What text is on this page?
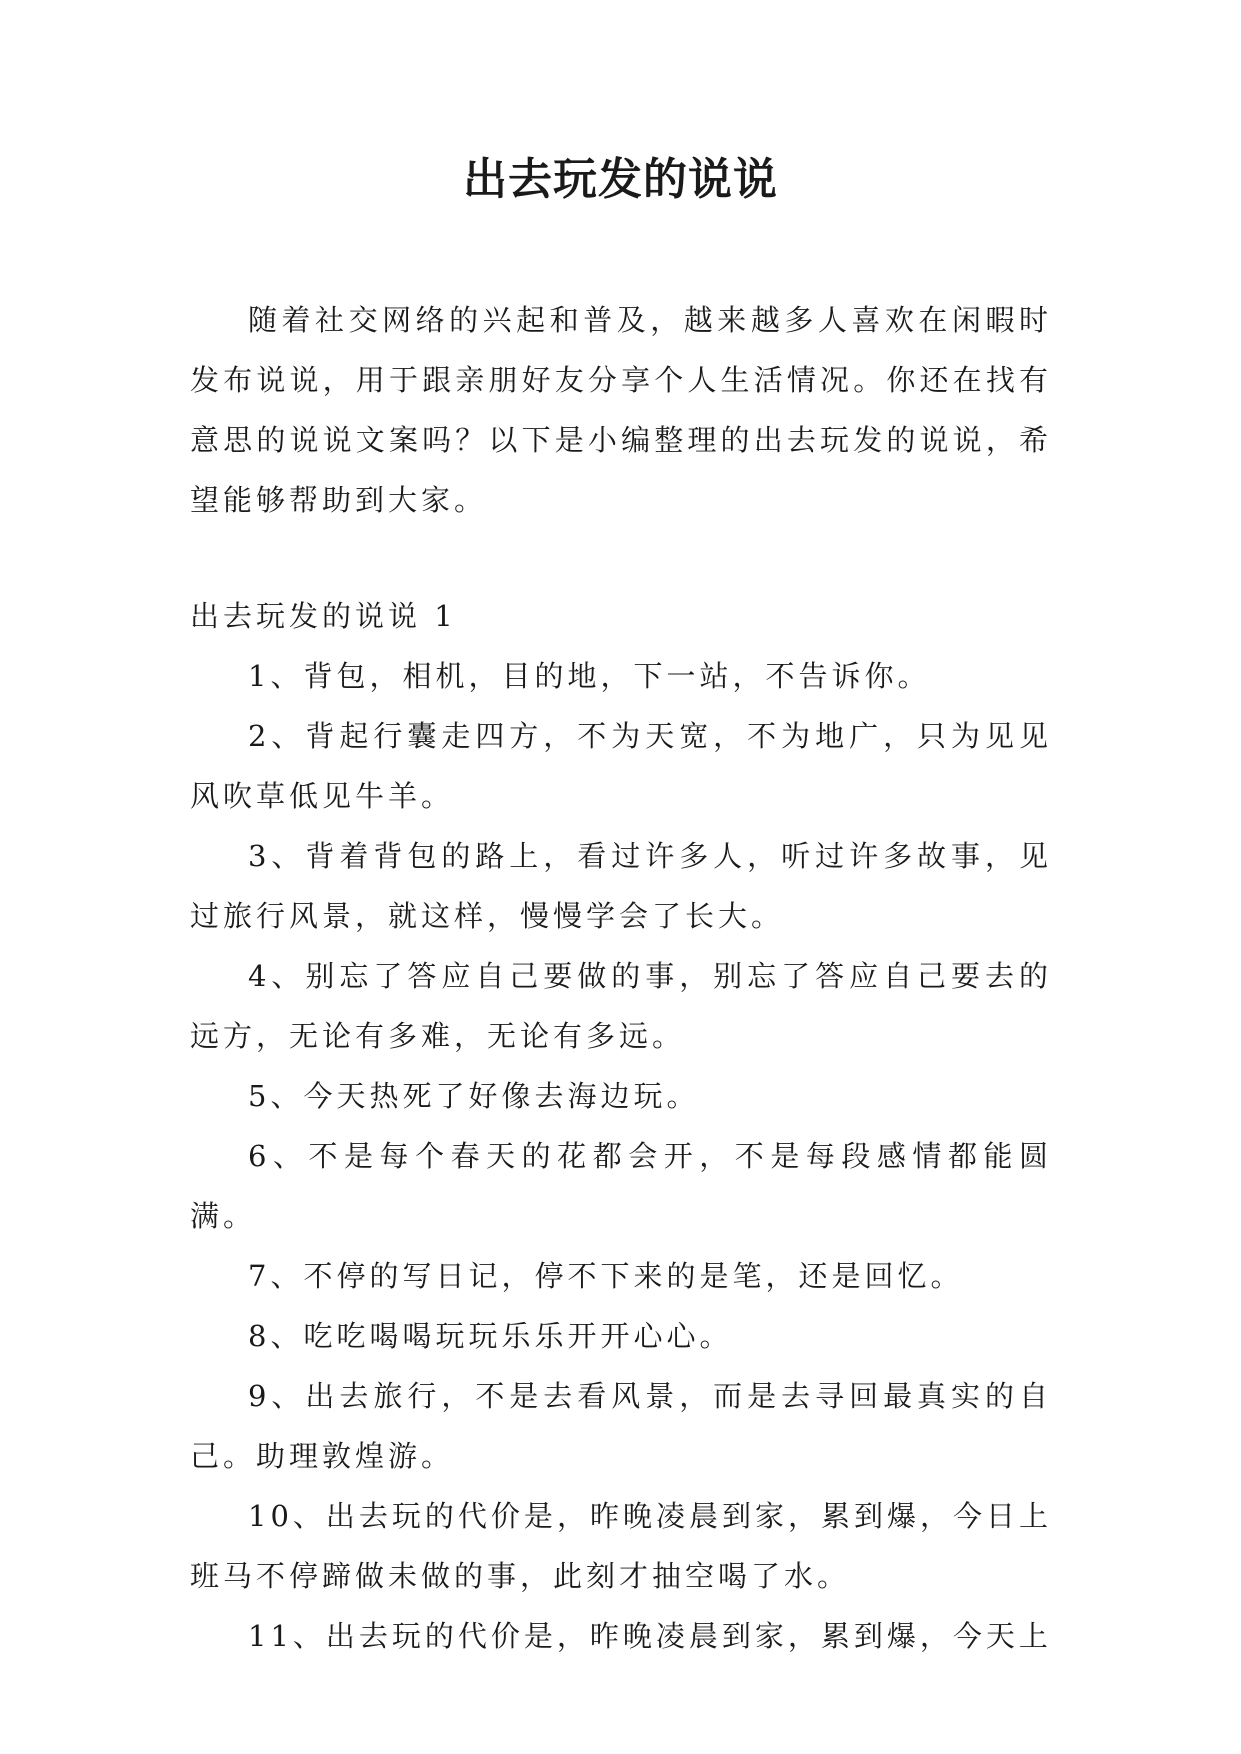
出去玩发的说说

随着社交网络的兴起和普及，越来越多人喜欢在闲暇时发布说说，用于跟亲朋好友分享个人生活情况。你还在找有意思的说说文案吗？以下是小编整理的出去玩发的说说，希望能够帮助到大家。

出去玩发的说说 1

1、背包，相机，目的地，下一站，不告诉你。

2、背起行囊走四方，不为天宽，不为地广，只为见见风吹草低见牛羊。

3、背着背包的路上，看过许多人，听过许多故事，见过旅行风景，就这样，慢慢学会了长大。

4、别忘了答应自己要做的事，别忘了答应自己要去的远方，无论有多难，无论有多远。

5、今天热死了好像去海边玩。

6、不是每个春天的花都会开，不是每段感情都能圆满。

7、不停的写日记，停不下来的是笔，还是回忆。

8、吃吃喝喝玩玩乐乐开开心心。

9、出去旅行，不是去看风景，而是去寻回最真实的自己。助理敦煌游。

10、出去玩的代价是，昨晚凌晨到家，累到爆，今日上班马不停蹄做未做的事，此刻才抽空喝了水。

11、出去玩的代价是，昨晚凌晨到家，累到爆，今天上
